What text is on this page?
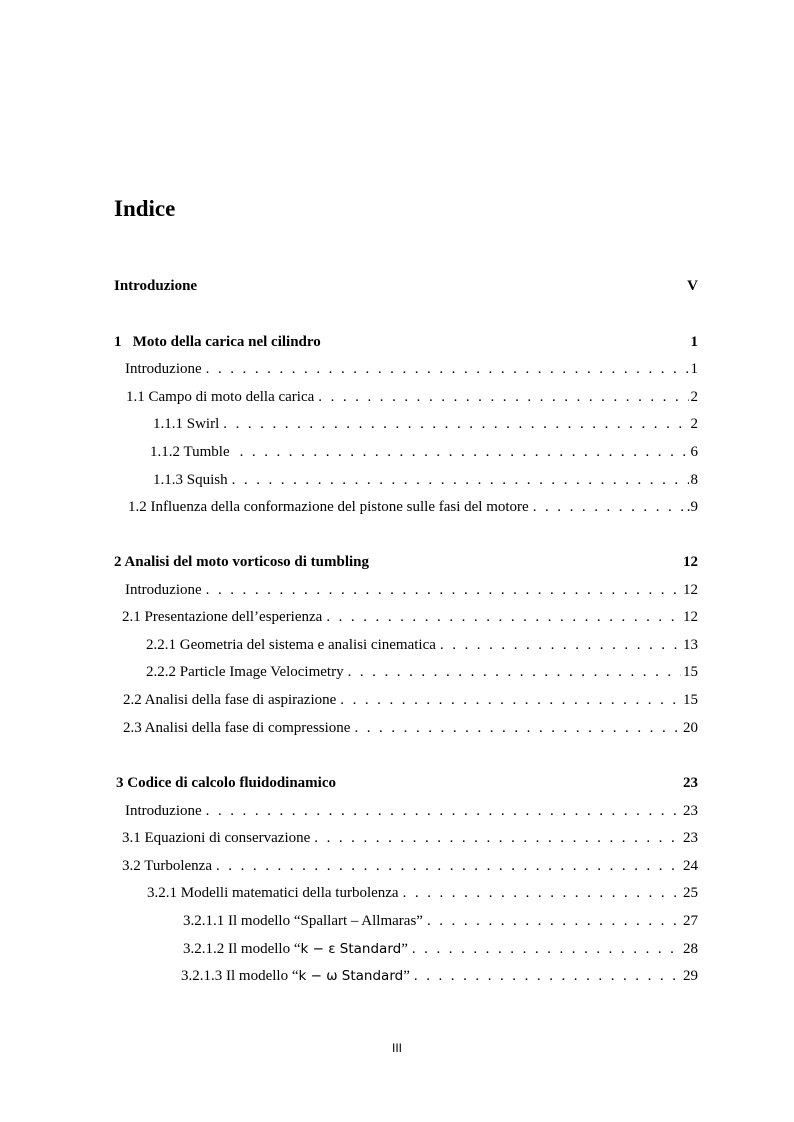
Indice
Introduzione	V
1   Moto della carica nel cilindro	1
Introduzione . . .	1
1.1 Campo di moto della carica . . .	2
1.1.1 Swirl . . .	2
1.1.2 Tumble . . .	6
1.1.3 Squish . . .	8
1.2 Influenza della conformazione del pistone sulle fasi del motore . . .	.9
2 Analisi del moto vorticoso di tumbling	12
Introduzione . . .	12
2.1 Presentazione dell’esperienza . . .	12
2.2.1 Geometria del sistema e analisi cinematica . . .	13
2.2.2 Particle Image Velocimetry . . .	15
2.2 Analisi della fase di aspirazione . . .	15
2.3 Analisi della fase di compressione . . .	20
3 Codice di calcolo fluidodinamico	23
Introduzione . . .	23
3.1 Equazioni di conservazione . . .	23
3.2 Turbolenza . . .	24
3.2.1 Modelli matematici della turbolenza . . .	25
3.2.1.1 Il modello “Spallart – Allmaras” . . .	27
3.2.1.2 Il modello “k − ε Standard” . . .	28
3.2.1.3 Il modello “k − ω Standard” . . .	29
III
